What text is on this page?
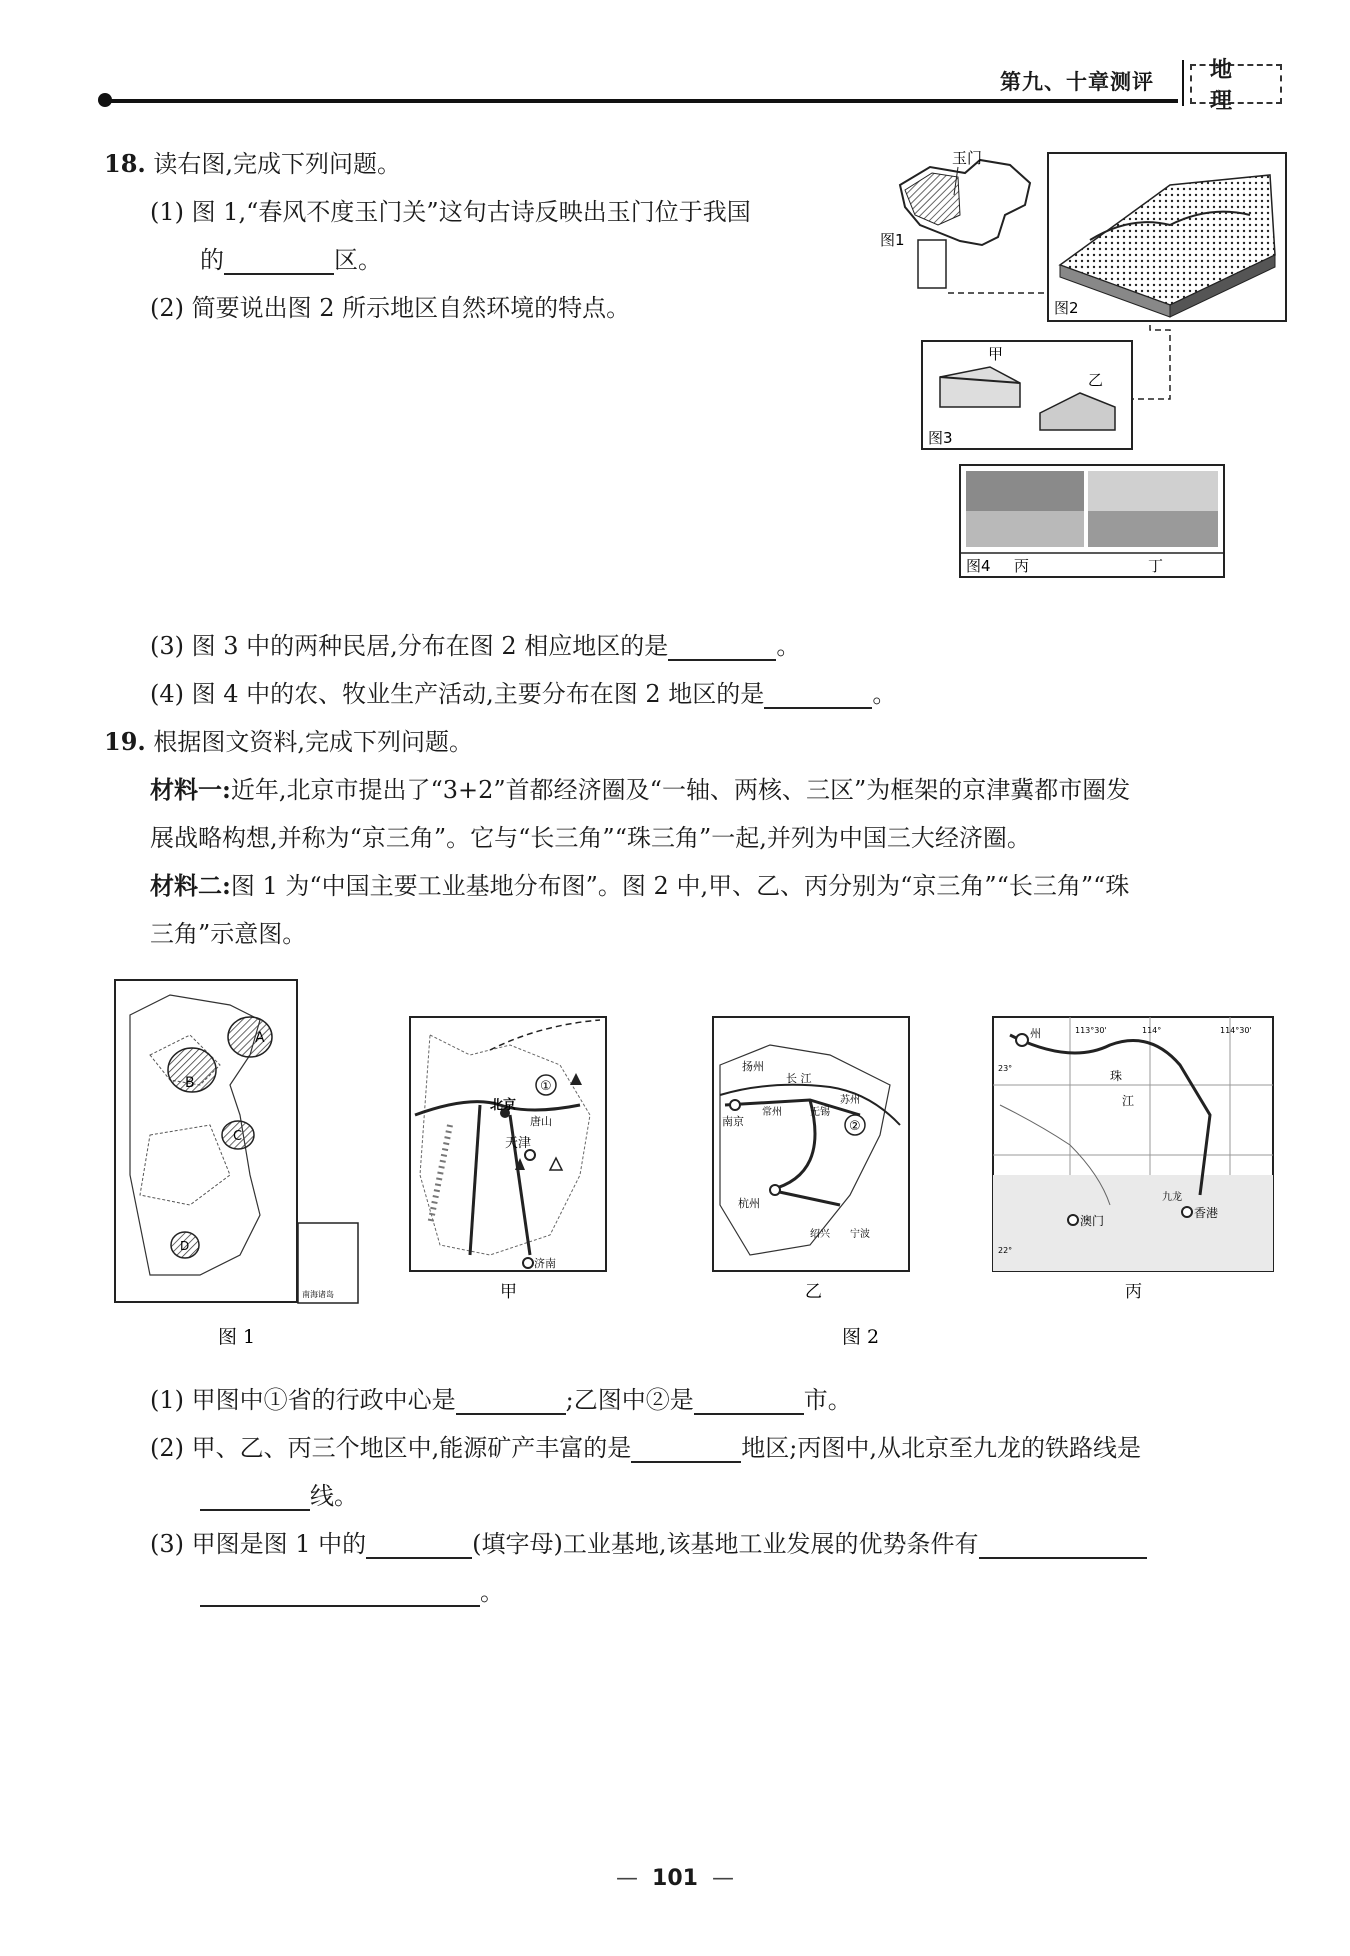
第九、十章测评	地 理
18. 读右图,完成下列问题。
(1) 图 1,“春风不度玉门关”这句古诗反映出玉门位于我国
的	区。
(2) 简要说出图 2 所示地区自然环境的特点。
玉门
图1
图2
甲
乙
图3
图4 丙	丁
(3) 图 3 中的两种民居,分布在图 2 相应地区的是	。
(4) 图 4 中的农、牧业生产活动,主要分布在图 2 地区的是	。
19. 根据图文资料,完成下列问题。
材料一:近年,北京市提出了“3+2”首都经济圈及“一轴、两核、三区”为框架的京津冀都市圈发
展战略构想,并称为“京三角”。它与“长三角”“珠三角”一起,并列为中国三大经济圈。
材料二:图 1 为“中国主要工业基地分布图”。图 2 中,甲、乙、丙分别为“京三角”“长三角”“珠
三角”示意图。
A
B
C
D
南海诸岛
北京
唐山
天津
济南
①
扬州
长 江
南京
常州	无锡
苏州
②
杭州
绍兴 宁波
州	113°30'	114°	114°30'
23°
22°
珠
江
澳门
九龙
香港
甲	乙	丙
图 1	图 2
(1) 甲图中①省的行政中心是	;乙图中②是	市。
(2) 甲、乙、丙三个地区中,能源矿产丰富的是	地区;丙图中,从北京至九龙的铁路线是
线。
(3) 甲图是图 1 中的	(填字母)工业基地,该基地工业发展的优势条件有
。
— 101 —
